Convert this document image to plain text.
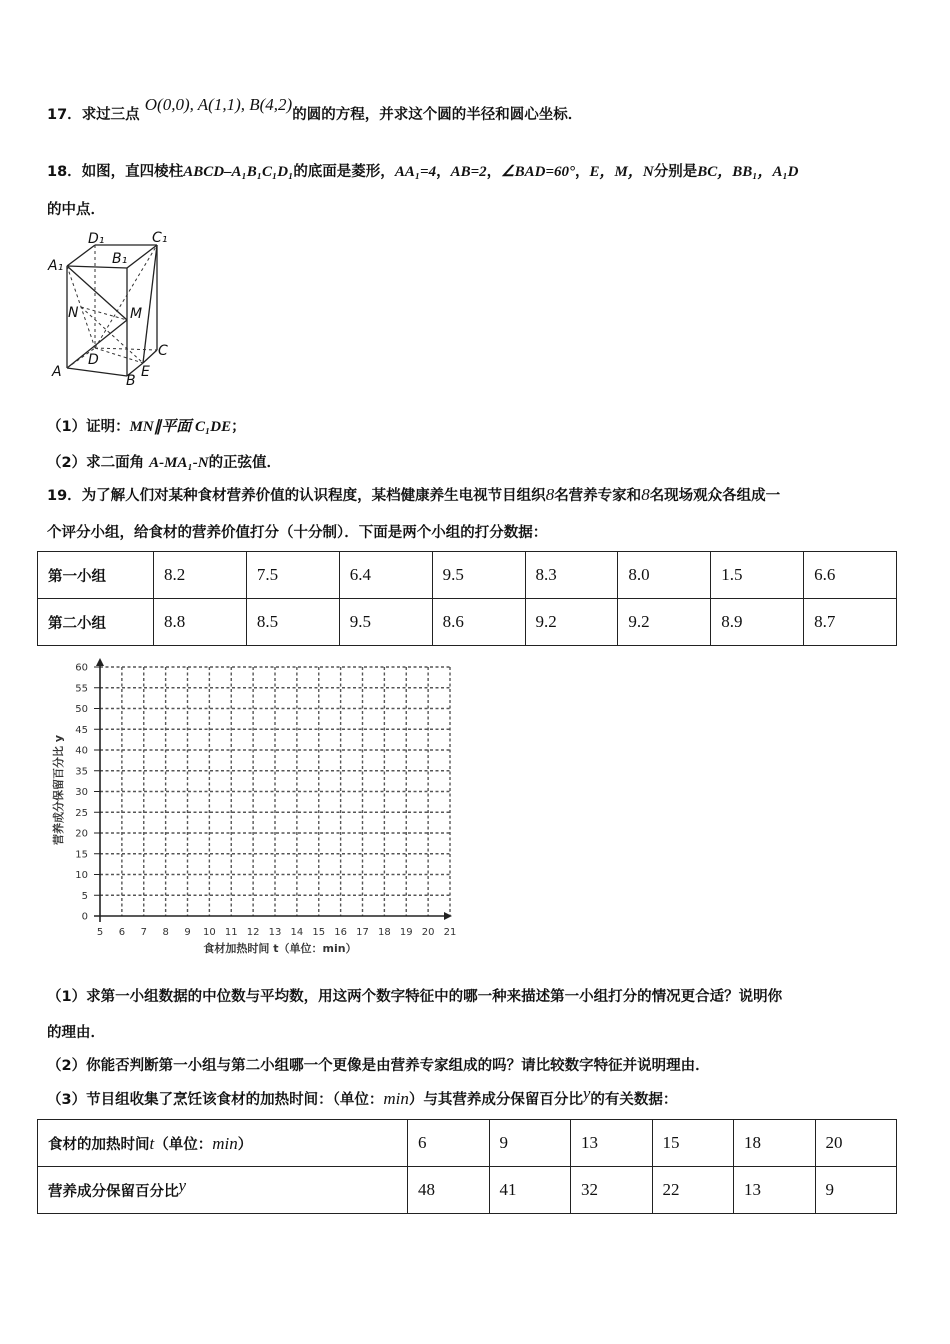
17．求过三点 O(0,0), A(1,1), B(4,2)的圆的方程，并求这个圆的半径和圆心坐标．
18．如图，直四棱柱ABCD–A₁B₁C₁D₁的底面是菱形，AA₁=4，AB=2，∠BAD=60°，E，M，N分别是BC，BB₁，A₁D
的中点．
D₁	C₁
A₁	B₁
N	M
D
C
A
B
E
（1）证明：MN∥平面 C₁DE；
（2）求二面角 A-MA₁-N的正弦值．
19．为了解人们对某种食材营养价值的认识程度，某档健康养生电视节目组织8名营养专家和8名现场观众各组成一
个评分小组，给食材的营养价值打分（十分制）．下面是两个小组的打分数据：
第一小组	8.2	7.5	6.4	9.5	8.3	8.0	1.5	6.6
第二小组	8.8	8.5	9.5	8.6	9.2	9.2	8.9	8.7
5 6 7 8 9 10 11 12 13 14 15 16 17 18 19 20 21
0
5
10
15
20
25
30
35
40
45
50
55
60
食材加热时间 t（单位：min）
营养成分保留百分比 y
（1）求第一小组数据的中位数与平均数，用这两个数字特征中的哪一种来描述第一小组打分的情况更合适？说明你
的理由．
（2）你能否判断第一小组与第二小组哪一个更像是由营养专家组成的吗？请比较数字特征并说明理由．
（3）节目组收集了烹饪该食材的加热时间：（单位：min）与其营养成分保留百分比y的有关数据：
食材的加热时间t（单位：min）	6	9	13	15	18	20
营养成分保留百分比y	48	41	32	22	13	9
